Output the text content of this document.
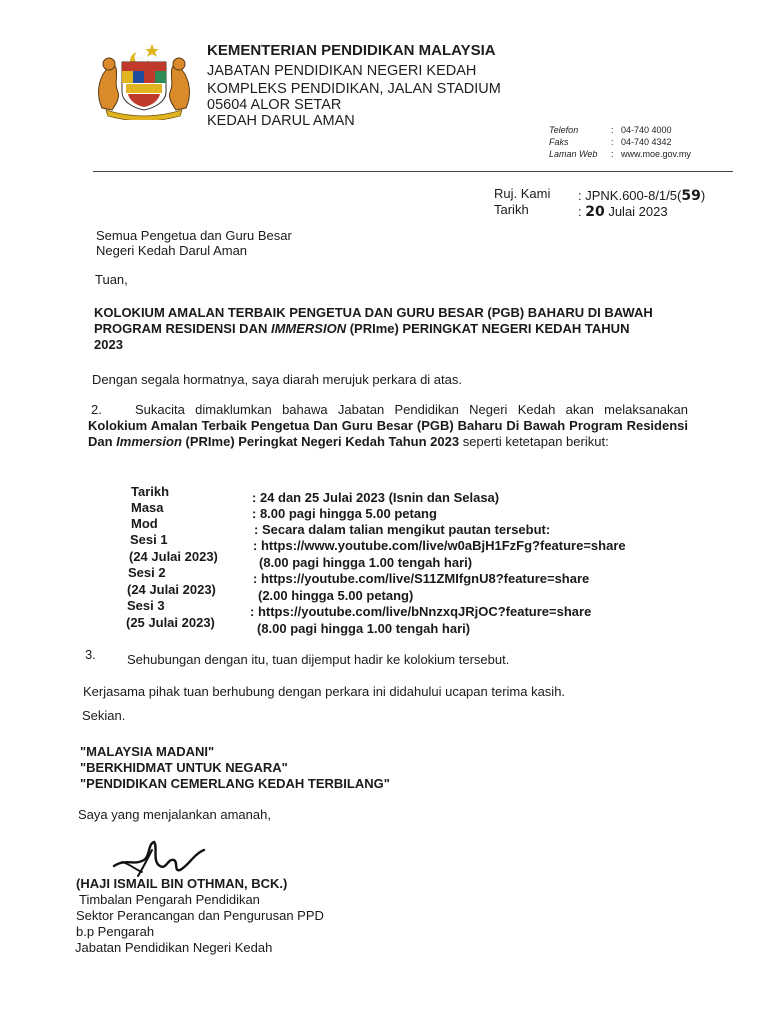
KEMENTERIAN PENDIDIKAN MALAYSIA
JABATAN PENDIDIKAN NEGERI KEDAH
KOMPLEKS PENDIDIKAN, JALAN STADIUM
05604 ALOR SETAR
KEDAH DARUL AMAN
Telefon	: 04-740 4000
Faks	: 04-740 4342
Laman Web : www.moe.gov.my
Ruj. Kami : JPNK.600-8/1/5(59)
Tarikh	: 20 Julai 2023
Semua Pengetua dan Guru Besar
Negeri Kedah Darul Aman
Tuan,
KOLOKIUM AMALAN TERBAIK PENGETUA DAN GURU BESAR (PGB) BAHARU DI BAWAH
PROGRAM RESIDENSI DAN IMMERSION (PRIme) PERINGKAT NEGERI KEDAH TAHUN
2023
Dengan segala hormatnya, saya diarah merujuk perkara di atas.
2.	Sukacita dimaklumkan bahawa Jabatan Pendidikan Negeri Kedah akan melaksanakan Kolokium Amalan Terbaik Pengetua Dan Guru Besar (PGB) Baharu Di Bawah Program Residensi Dan Immersion (PRIme) Peringkat Negeri Kedah Tahun 2023 seperti ketetapan berikut:
Tarikh	: 24 dan 25 Julai 2023 (Isnin dan Selasa)
Masa	: 8.00 pagi hingga 5.00 petang
Mod	: Secara dalam talian mengikut pautan tersebut:
Sesi 1	: https://www.youtube.com/live/w0aBjH1FzFg?feature=share
(24 Julai 2023)	(8.00 pagi hingga 1.00 tengah hari)
Sesi 2	: https://youtube.com/live/S11ZMIfgnU8?feature=share
(24 Julai 2023)	(2.00 hingga 5.00 petang)
Sesi 3	: https://youtube.com/live/bNnzxqJRjOC?feature=share
(25 Julai 2023)	(8.00 pagi hingga 1.00 tengah hari)
3. Sehubungan dengan itu, tuan dijemput hadir ke kolokium tersebut.
Kerjasama pihak tuan berhubung dengan perkara ini didahului ucapan terima kasih.
Sekian.
"MALAYSIA MADANI"
"BERKHIDMAT UNTUK NEGARA"
"PENDIDIKAN CEMERLANG KEDAH TERBILANG"
Saya yang menjalankan amanah,
(HAJI ISMAIL BIN OTHMAN, BCK.)
Timbalan Pengarah Pendidikan
Sektor Perancangan dan Pengurusan PPD
b.p Pengarah
Jabatan Pendidikan Negeri Kedah
